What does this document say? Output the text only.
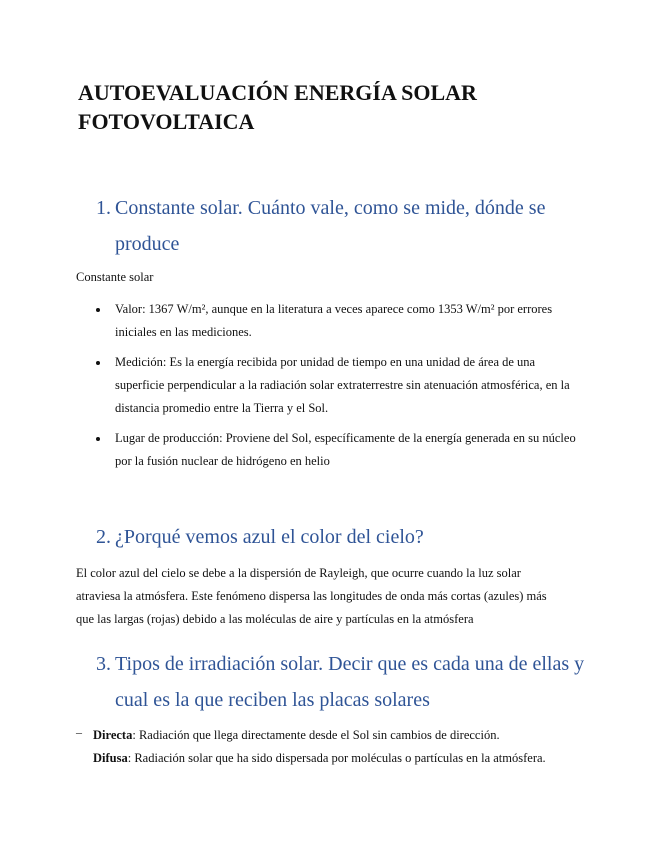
AUTOEVALUACIÓN ENERGÍA SOLAR FOTOVOLTAICA
1. Constante solar. Cuánto vale, como se mide, dónde se produce
Constante solar
Valor: 1367 W/m², aunque en la literatura a veces aparece como 1353 W/m² por errores iniciales en las mediciones.
Medición: Es la energía recibida por unidad de tiempo en una unidad de área de una superficie perpendicular a la radiación solar extraterrestre sin atenuación atmosférica, en la distancia promedio entre la Tierra y el Sol.
Lugar de producción: Proviene del Sol, específicamente de la energía generada en su núcleo por la fusión nuclear de hidrógeno en helio
2. ¿Porqué vemos azul el color del cielo?
El color azul del cielo se debe a la dispersión de Rayleigh, que ocurre cuando la luz solar atraviesa la atmósfera. Este fenómeno dispersa las longitudes de onda más cortas (azules) más que las largas (rojas) debido a las moléculas de aire y partículas en la atmósfera
3. Tipos de irradiación solar. Decir que es cada una de ellas y cual es la que reciben las placas solares
– Directa: Radiación que llega directamente desde el Sol sin cambios de dirección.
Difusa: Radiación solar que ha sido dispersada por moléculas o partículas en la atmósfera.
